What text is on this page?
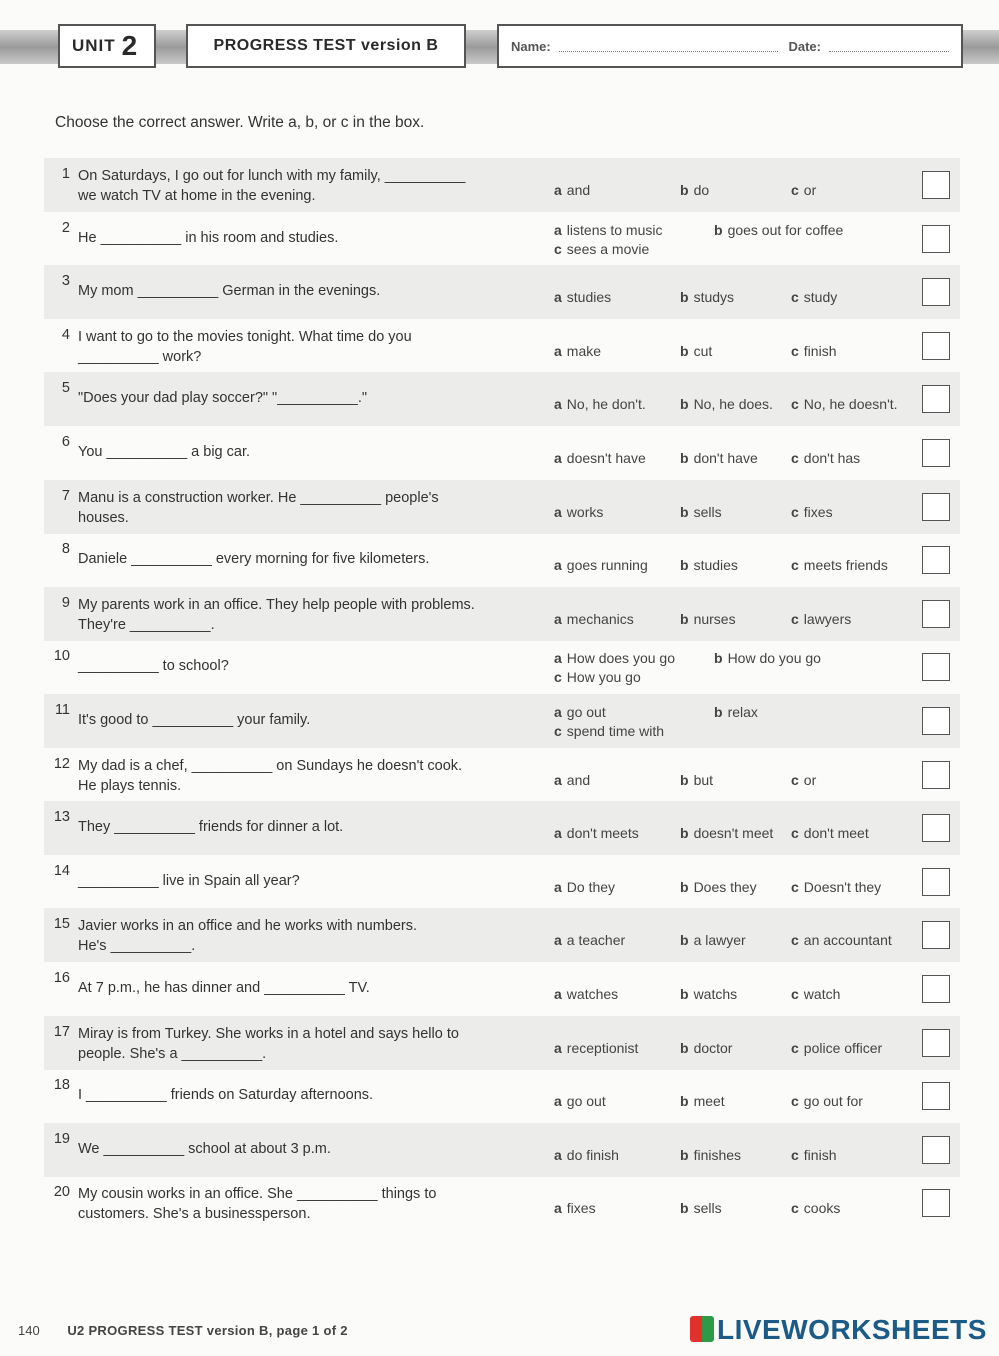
UNIT 2	PROGRESS TEST version B	Name:	Date:
Choose the correct answer. Write a, b, or c in the box.
1 On Saturdays, I go out for lunch with my family, __________
we watch TV at home in the evening.	a and	b do	c or
2
He __________ in his room and studies.	a listens to music	b goes out for coffee
c sees a movie
3
My mom __________ German in the evenings.	a studies	b studys	c study
4 I want to go to the movies tonight. What time do you
__________ work?	a make	b cut	c finish
5
"Does your dad play soccer?" "__________."	a No, he don't. b No, he does. c No, he doesn't.
6
You __________ a big car.	a doesn't have b don't have c don't has
7 Manu is a construction worker. He __________ people's
houses.	a works	b sells	c fixes
8
Daniele __________ every morning for five kilometers.	a goes running b studies	c meets friends
9 My parents work in an office. They help people with problems.
They're __________.	a mechanics	b nurses	c lawyers
10
__________ to school?	a How does you go	b How do you go
c How you go
11
It's good to __________ your family.	a go out	b relax
c spend time with
12 My dad is a chef, __________ on Sundays he doesn't cook.
He plays tennis.	a and	b but	c or
13
They __________ friends for dinner a lot.	a don't meets	b doesn't meet c don't meet
14
__________ live in Spain all year?	a Do they	b Does they c Doesn't they
15 Javier works in an office and he works with numbers.
He's __________.	a a teacher	b a lawyer	c an accountant
16
At 7 p.m., he has dinner and __________ TV.	a watches	b watchs	c watch
17 Miray is from Turkey. She works in a hotel and says hello to
people. She's a __________.	a receptionist	b doctor	c police officer
18
I __________ friends on Saturday afternoons.	a go out	b meet	c go out for
19
We __________ school at about 3 p.m.	a do finish	b finishes	c finish
20 My cousin works in an office. She __________ things to
customers. She's a businessperson.	a fixes	b sells	c cooks
140 U2 PROGRESS TEST version B, page 1 of 2	LIVEWORKSHEETS
